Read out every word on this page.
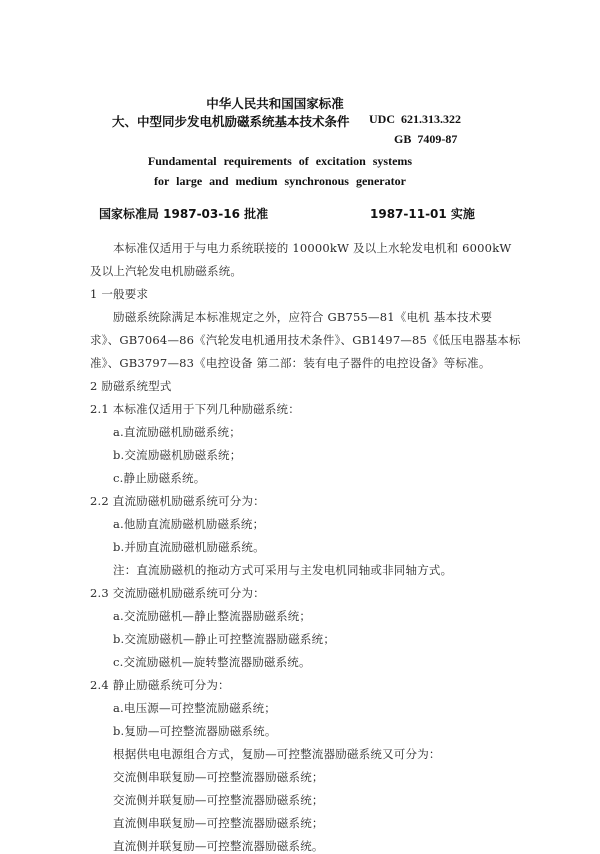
中华人民共和国国家标准
大、中型同步发电机励磁系统基本技术条件 UDC 621.313.322
GB 7409-87
Fundamental requirements of excitation systems
for large and medium synchronous generator
国家标准局 1987-03-16 批准	1987-11-01 实施
本标准仅适用于与电力系统联接的 10000kW 及以上水轮发电机和 6000kW
及以上汽轮发电机励磁系统。
1 一般要求
励磁系统除满足本标准规定之外，应符合 GB755—81《电机 基本技术要
求》、GB7064—86《汽轮发电机通用技术条件》、GB1497—85《低压电器基本标
准》、GB3797—83《电控设备 第二部：装有电子器件的电控设备》等标准。
2 励磁系统型式
2.1 本标准仅适用于下列几种励磁系统：
a.直流励磁机励磁系统；
b.交流励磁机励磁系统；
c.静止励磁系统。
2.2 直流励磁机励磁系统可分为：
a.他励直流励磁机励磁系统；
b.并励直流励磁机励磁系统。
注：直流励磁机的拖动方式可采用与主发电机同轴或非同轴方式。
2.3 交流励磁机励磁系统可分为：
a.交流励磁机—静止整流器励磁系统；
b.交流励磁机—静止可控整流器励磁系统；
c.交流励磁机—旋转整流器励磁系统。
2.4 静止励磁系统可分为：
a.电压源—可控整流励磁系统；
b.复励—可控整流器励磁系统。
根据供电电源组合方式，复励—可控整流器励磁系统又可分为：
交流侧串联复励—可控整流器励磁系统；
交流侧并联复励—可控整流器励磁系统；
直流侧串联复励—可控整流器励磁系统；
直流侧并联复励—可控整流器励磁系统。
